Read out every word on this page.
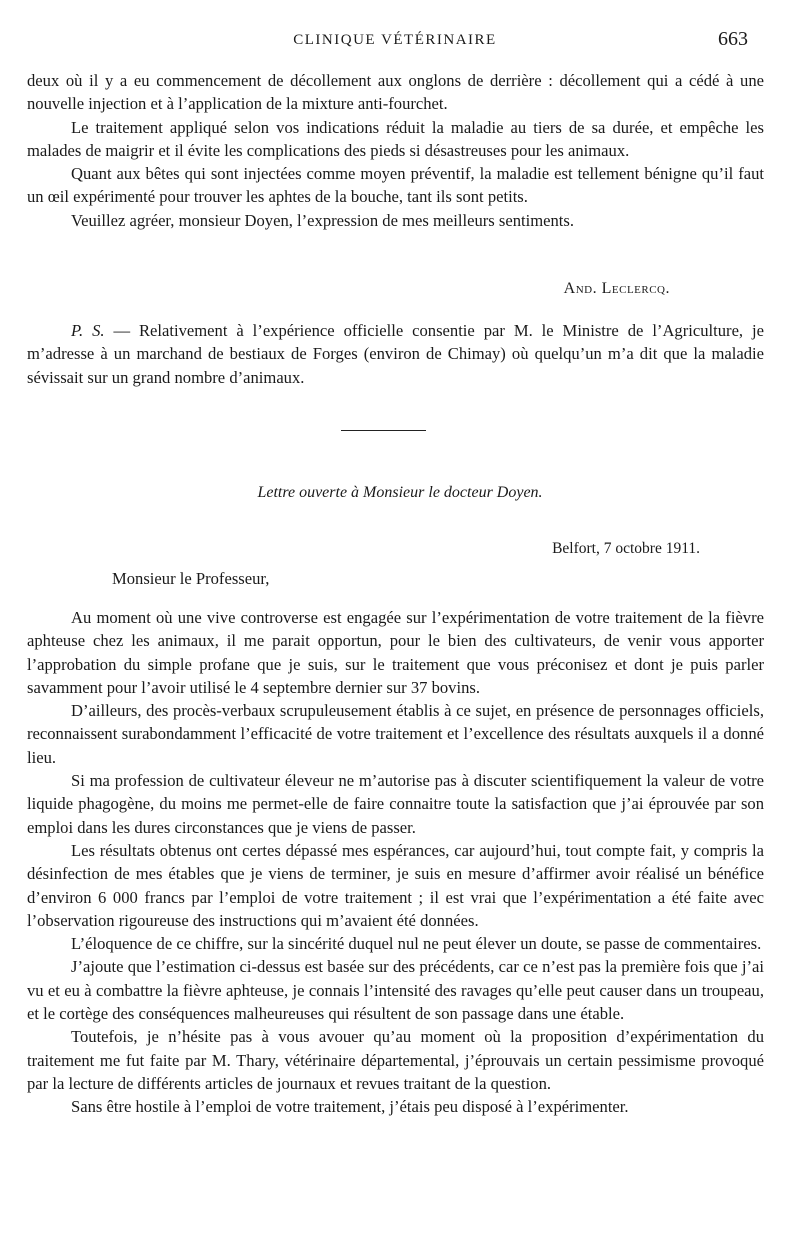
CLINIQUE VÉTÉRINAIRE	663

deux où il y a eu commencement de décollement aux onglons de derrière : décollement qui a cédé à une nouvelle injection et à l’application de la mixture anti-fourchet.

Le traitement appliqué selon vos indications réduit la maladie au tiers de sa durée, et empêche les malades de maigrir et il évite les complications des pieds si désastreuses pour les animaux.

Quant aux bêtes qui sont injectées comme moyen préventif, la maladie est tellement bénigne qu’il faut un œil expérimenté pour trouver les aphtes de la bouche, tant ils sont petits.

Veuillez agréer, monsieur Doyen, l’expression de mes meilleurs sentiments.

And. Leclercq.

P. S. — Relativement à l’expérience officielle consentie par M. le Ministre de l’Agriculture, je m’adresse à un marchand de bestiaux de Forges (environ de Chimay) où quelqu’un m’a dit que la maladie sévissait sur un grand nombre d’animaux.

Lettre ouverte à Monsieur le docteur Doyen.
Belfort, 7 octobre 1911.
Monsieur le Professeur,

Au moment où une vive controverse est engagée sur l’expérimentation de votre traitement de la fièvre aphteuse chez les animaux, il me parait opportun, pour le bien des cultivateurs, de venir vous apporter l’approbation du simple profane que je suis, sur le traitement que vous préconisez et dont je puis parler savamment pour l’avoir utilisé le 4 septembre dernier sur 37 bovins.

D’ailleurs, des procès-verbaux scrupuleusement établis à ce sujet, en présence de personnages officiels, reconnaissent surabondamment l’efficacité de votre traitement et l’excellence des résultats auxquels il a donné lieu.

Si ma profession de cultivateur éleveur ne m’autorise pas à discuter scientifiquement la valeur de votre liquide phagogène, du moins me permet-elle de faire connaitre toute la satisfaction que j’ai éprouvée par son emploi dans les dures circonstances que je viens de passer.

Les résultats obtenus ont certes dépassé mes espérances, car aujourd’hui, tout compte fait, y compris la désinfection de mes étables que je viens de terminer, je suis en mesure d’affirmer avoir réalisé un bénéfice d’environ 6 000 francs par l’emploi de votre traitement ; il est vrai que l’expérimentation a été faite avec l’observation rigoureuse des instructions qui m’avaient été données.

L’éloquence de ce chiffre, sur la sincérité duquel nul ne peut élever un doute, se passe de commentaires.

J’ajoute que l’estimation ci-dessus est basée sur des précédents, car ce n’est pas la première fois que j’ai vu et eu à combattre la fièvre aphteuse, je connais l’intensité des ravages qu’elle peut causer dans un troupeau, et le cortège des conséquences malheureuses qui résultent de son passage dans une étable.

Toutefois, je n’hésite pas à vous avouer qu’au moment où la proposition d’expérimentation du traitement me fut faite par M. Thary, vétérinaire départemental, j’éprouvais un certain pessimisme provoqué par la lecture de différents articles de journaux et revues traitant de la question.

Sans être hostile à l’emploi de votre traitement, j’étais peu disposé à l’expérimenter.
